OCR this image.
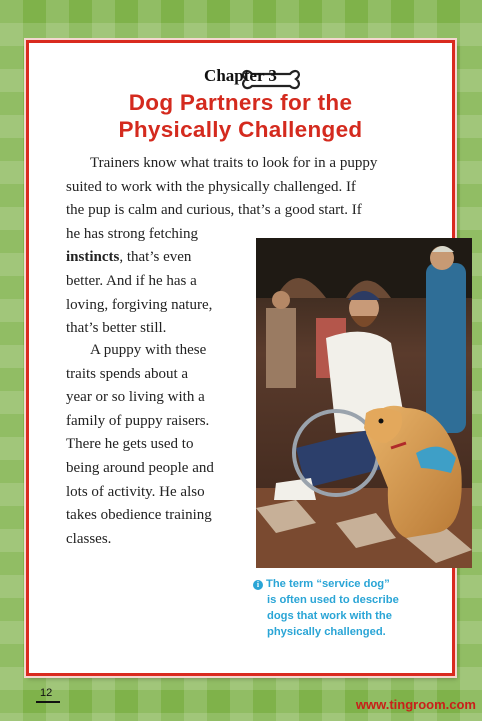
Chapter 3
Dog Partners for the
Physically Challenged
Trainers know what traits to look for in a puppy
suited to work with the physically challenged. If
the pup is calm and curious, that’s a good start. If
he has strong fetching
instincts, that’s even
better. And if he has a
loving, forgiving nature,
that’s better still.
A puppy with these
traits spends about a
year or so living with a
family of puppy raisers.
There he gets used to
being around people and
lots of activity. He also
takes obedience training
classes.
i The term “service dog”
is often used to describe
dogs that work with the
physically challenged.
12
www.tingroom.com
